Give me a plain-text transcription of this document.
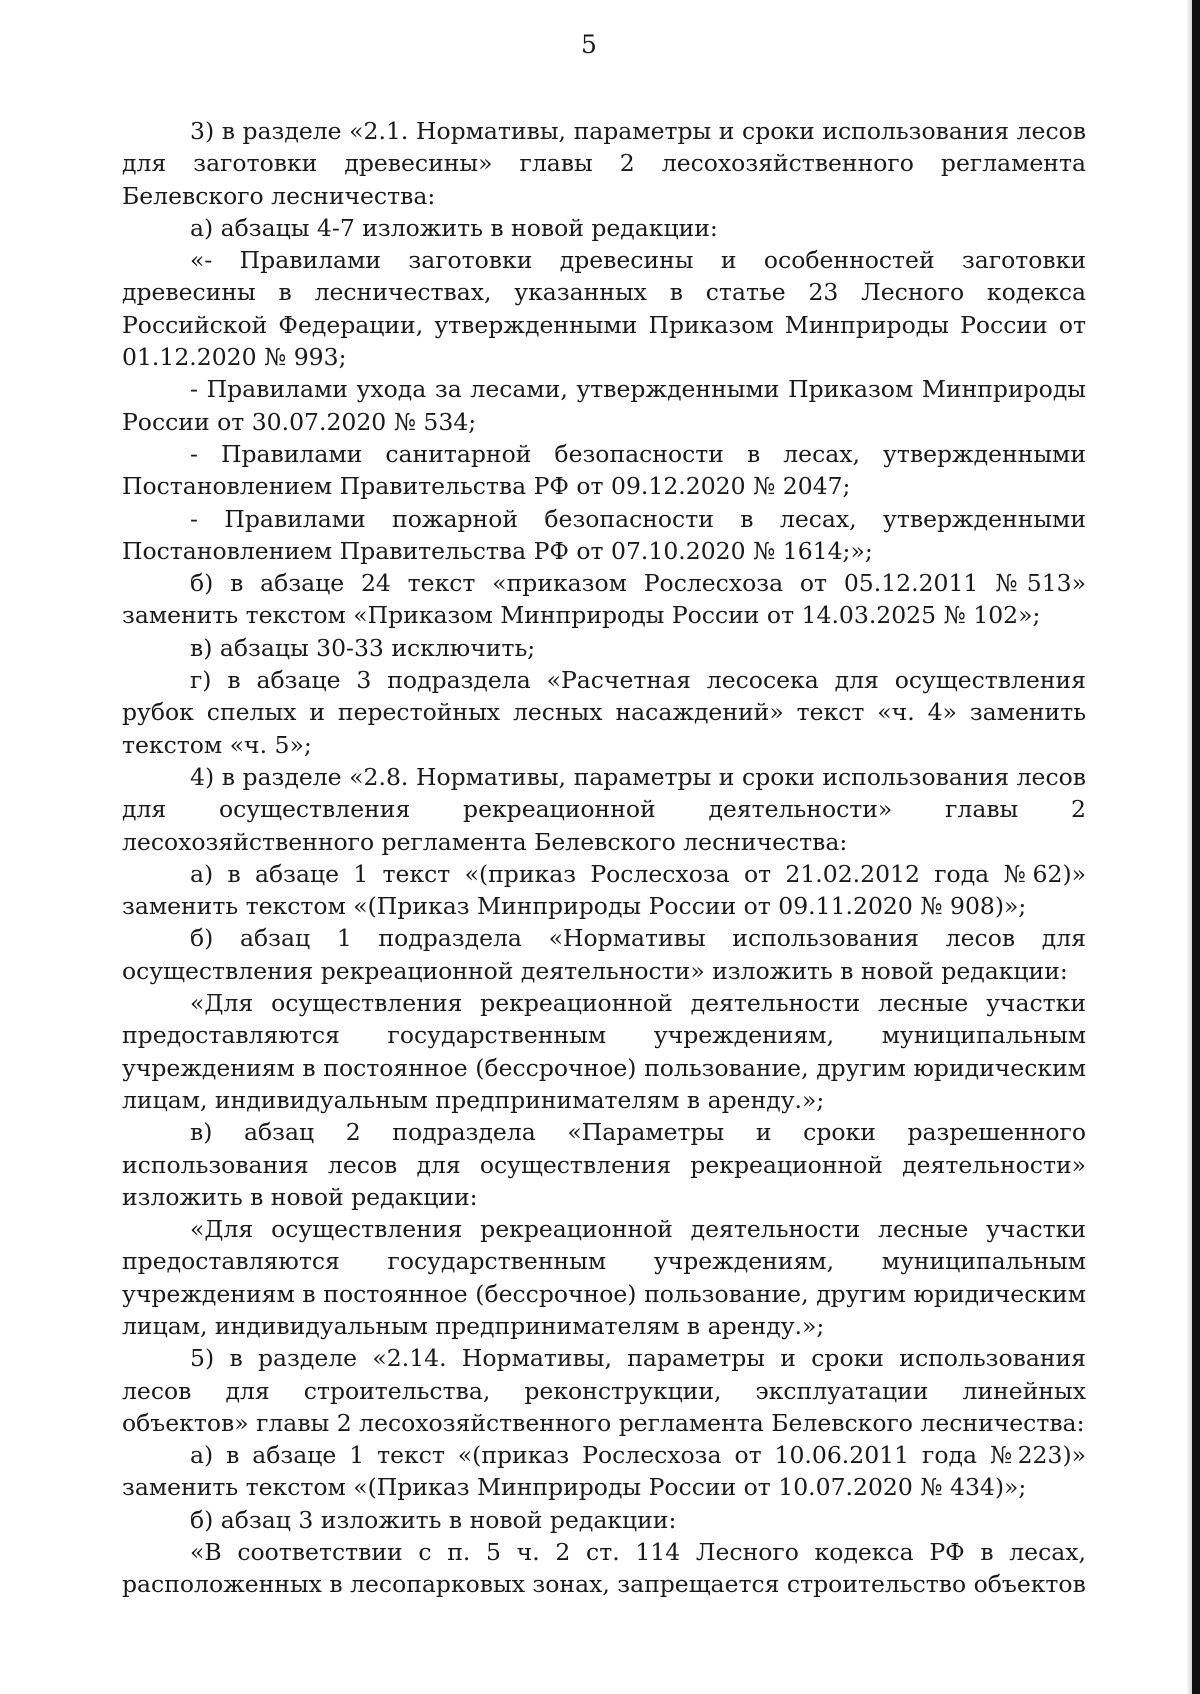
5

3) в разделе «2.1. Нормативы, параметры и сроки использования лесов для заготовки древесины» главы 2 лесохозяйственного регламента Белевского лесничества:

а) абзацы 4-7 изложить в новой редакции:

«- Правилами заготовки древесины и особенностей заготовки древесины в лесничествах, указанных в статье 23 Лесного кодекса Российской Федерации, утвержденными Приказом Минприроды России от 01.12.2020 № 993;

- Правилами ухода за лесами, утвержденными Приказом Минприроды России от 30.07.2020 № 534;

- Правилами санитарной безопасности в лесах, утвержденными Постановлением Правительства РФ от 09.12.2020 № 2047;

- Правилами пожарной безопасности в лесах, утвержденными Постановлением Правительства РФ от 07.10.2020 № 1614;»;

б) в абзаце 24 текст «приказом Рослесхоза от 05.12.2011 №513» заменить текстом «Приказом Минприроды России от 14.03.2025 № 102»;

в) абзацы 30-33 исключить;

г) в абзаце 3 подраздела «Расчетная лесосека для осуществления рубок спелых и перестойных лесных насаждений» текст «ч. 4» заменить текстом «ч. 5»;

4) в разделе «2.8. Нормативы, параметры и сроки использования лесов для осуществления рекреационной деятельности» главы 2 лесохозяйственного регламента Белевского лесничества:

а) в абзаце 1 текст «(приказ Рослесхоза от 21.02.2012 года №62)» заменить текстом «(Приказ Минприроды России от 09.11.2020 № 908)»;

б) абзац 1 подраздела «Нормативы использования лесов для осуществления рекреационной деятельности» изложить в новой редакции:

«Для осуществления рекреационной деятельности лесные участки предоставляются государственным учреждениям, муниципальным учреждениям в постоянное (бессрочное) пользование, другим юридическим лицам, индивидуальным предпринимателям в аренду.»;

в) абзац 2 подраздела «Параметры и сроки разрешенного использования лесов для осуществления рекреационной деятельности» изложить в новой редакции:

«Для осуществления рекреационной деятельности лесные участки предоставляются государственным учреждениям, муниципальным учреждениям в постоянное (бессрочное) пользование, другим юридическим лицам, индивидуальным предпринимателям в аренду.»;

5) в разделе «2.14. Нормативы, параметры и сроки использования лесов для строительства, реконструкции, эксплуатации линейных объектов» главы 2 лесохозяйственного регламента Белевского лесничества:

а) в абзаце 1 текст «(приказ Рослесхоза от 10.06.2011 года №223)» заменить текстом «(Приказ Минприроды России от 10.07.2020 № 434)»;

б) абзац 3 изложить в новой редакции:

«В соответствии с п. 5 ч. 2 ст. 114 Лесного кодекса РФ в лесах, расположенных в лесопарковых зонах, запрещается строительство объектов
